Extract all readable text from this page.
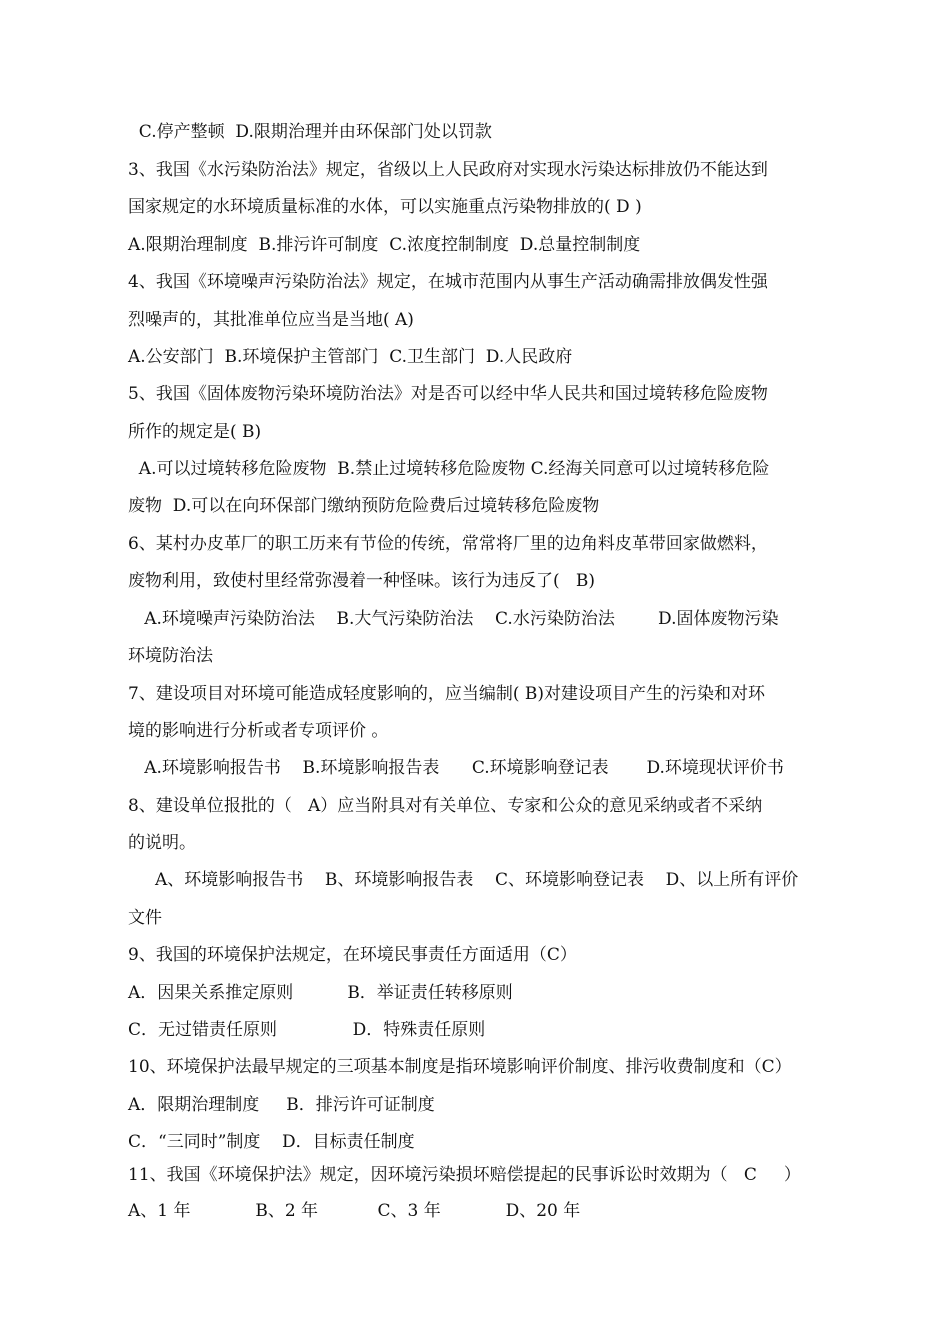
C.停产整顿  D.限期治理并由环保部门处以罚款
3、我国《水污染防治法》规定，省级以上人民政府对实现水污染达标排放仍不能达到
国家规定的水环境质量标准的水体，可以实施重点污染物排放的( D )
A.限期治理制度  B.排污许可制度  C.浓度控制制度  D.总量控制制度
4、我国《环境噪声污染防治法》规定，在城市范围内从事生产活动确需排放偶发性强
烈噪声的，其批准单位应当是当地( A)
A.公安部门  B.环境保护主管部门  C.卫生部门  D.人民政府
5、我国《固体废物污染环境防治法》对是否可以经中华人民共和国过境转移危险废物
所作的规定是( B)
A.可以过境转移危险废物  B.禁止过境转移危险废物 C.经海关同意可以过境转移危险
废物  D.可以在向环保部门缴纳预防危险费后过境转移危险废物
6、某村办皮革厂的职工历来有节俭的传统，常常将厂里的边角料皮革带回家做燃料，
废物利用，致使村里经常弥漫着一种怪味。该行为违反了(   B)
A.环境噪声污染防治法    B.大气污染防治法    C.水污染防治法        D.固体废物污染
环境防治法
7、建设项目对环境可能造成轻度影响的，应当编制( B)对建设项目产生的污染和对环
境的影响进行分析或者专项评价 。
A.环境影响报告书    B.环境影响报告表      C.环境影响登记表       D.环境现状评价书
8、建设单位报批的（   A）应当附具对有关单位、专家和公众的意见采纳或者不采纳
的说明。
A、环境影响报告书    B、环境影响报告表    C、环境影响登记表    D、以上所有评价
文件
9、我国的环境保护法规定，在环境民事责任方面适用（C）
A．因果关系推定原则          B．举证责任转移原则
C．无过错责任原则              D．特殊责任原则
10、环境保护法最早规定的三项基本制度是指环境影响评价制度、排污收费制度和（C）
A．限期治理制度     B．排污许可证制度
C．“三同时”制度    D．目标责任制度
11、我国《环境保护法》规定，因环境污染损坏赔偿提起的民事诉讼时效期为（   C     ）
A、1 年            B、2 年           C、3 年            D、20 年
